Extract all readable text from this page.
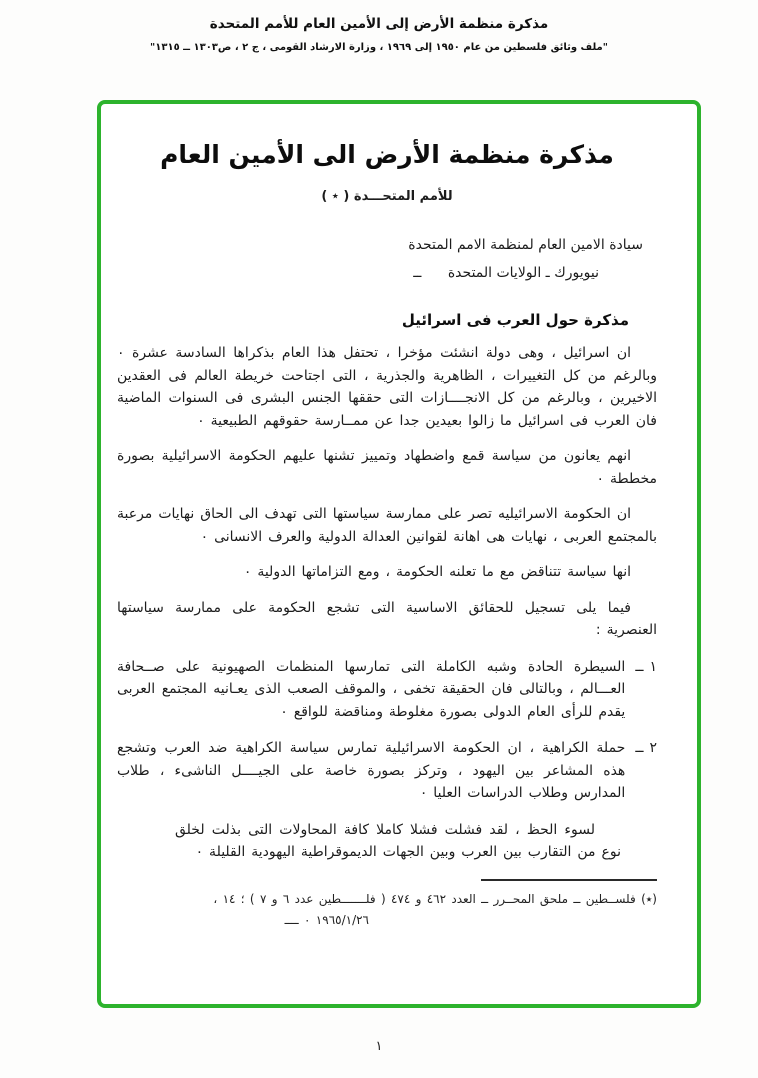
مذكرة منظمة الأرض إلى الأمين العام للأمم المتحدة
"ملف وثائق فلسطين من عام ١٩٥٠ إلى ١٩٦٩ ، وزارة الارشاد القومى ، ج ٢ ، ص١٣٠٣ ــ ١٣١٥"
مذكرة منظمة الأرض الى الأمين العام
للأمم المتحـــدة ( ٭ )
سيادة الامين العام لمنظمة الامم المتحدة
نيويورك ـ الولايات المتحدة ــ
مذكرة حول العرب فى اسرائيل

ان اسرائيل ، وهى دولة انشئت مؤخرا ، تحتفل هذا العام بذكراها السادسة عشرة ٠ وبالرغم من كل التغييرات ، الظاهرية والجذرية ، التى اجتاحت خريطة العالم فى العقدين الاخيرين ، وبالرغم من كل الانجــــازات التى حققها الجنس البشرى فى السنوات الماضية فان العرب فى اسرائيل ما زالوا بعيدين جدا عن ممــارسة حقوقهم الطبيعية ٠

انهم يعانون من سياسة قمع واضطهاد وتمييز تشنها عليهم الحكومة الاسرائيلية بصورة مخططة ٠

ان الحكومة الاسرائيليه تصر على ممارسة سياستها التى تهدف الى الحاق نهايات مرعبة بالمجتمع العربى ، نهايات هى اهانة لقوانين العدالة الدولية والعرف الانسانى ٠

انها سياسة تتناقض مع ما تعلنه الحكومة ، ومع التزاماتها الدولية ٠

فيما يلى تسجيل للحقائق الاساسية التى تشجع الحكومة على ممارسة سياستها العنصرية :

١ ــ
السيطرة الحادة وشبه الكاملة التى تمارسها المنظمات الصهيونية على صــحافة العـــالم ، وبالتالى فان الحقيقة تخفى ، والموقف الصعب الذى يعـانيه المجتمع العربى يقدم للرأى العام الدولى بصورة مغلوطة ومناقضة للواقع ٠
٢ ــ
حملة الكراهية ، ان الحكومة الاسرائيلية تمارس سياسة الكراهية ضد العرب وتشجع هذه المشاعر بين اليهود ، وتركز بصورة خاصة على الجيــــل الناشىء ، طلاب المدارس وطلاب الدراسات العليا ٠
لسوء الحظ ، لقد فشلت فشلا كاملا كافة المحاولات التى بذلت لخلق نوع من التقارب بين العرب وبين الجهات الديموقراطية اليهودية القليلة ٠
(٭) فلســطين ــ ملحق المحــرر ــ العدد ٤٦٢ و ٤٧٤ ( فلـــــــطين عدد ٦ و ٧ ) ؛ ١٤ ،
١٩٦٥/١/٢٦ ٠ ــــ
١
